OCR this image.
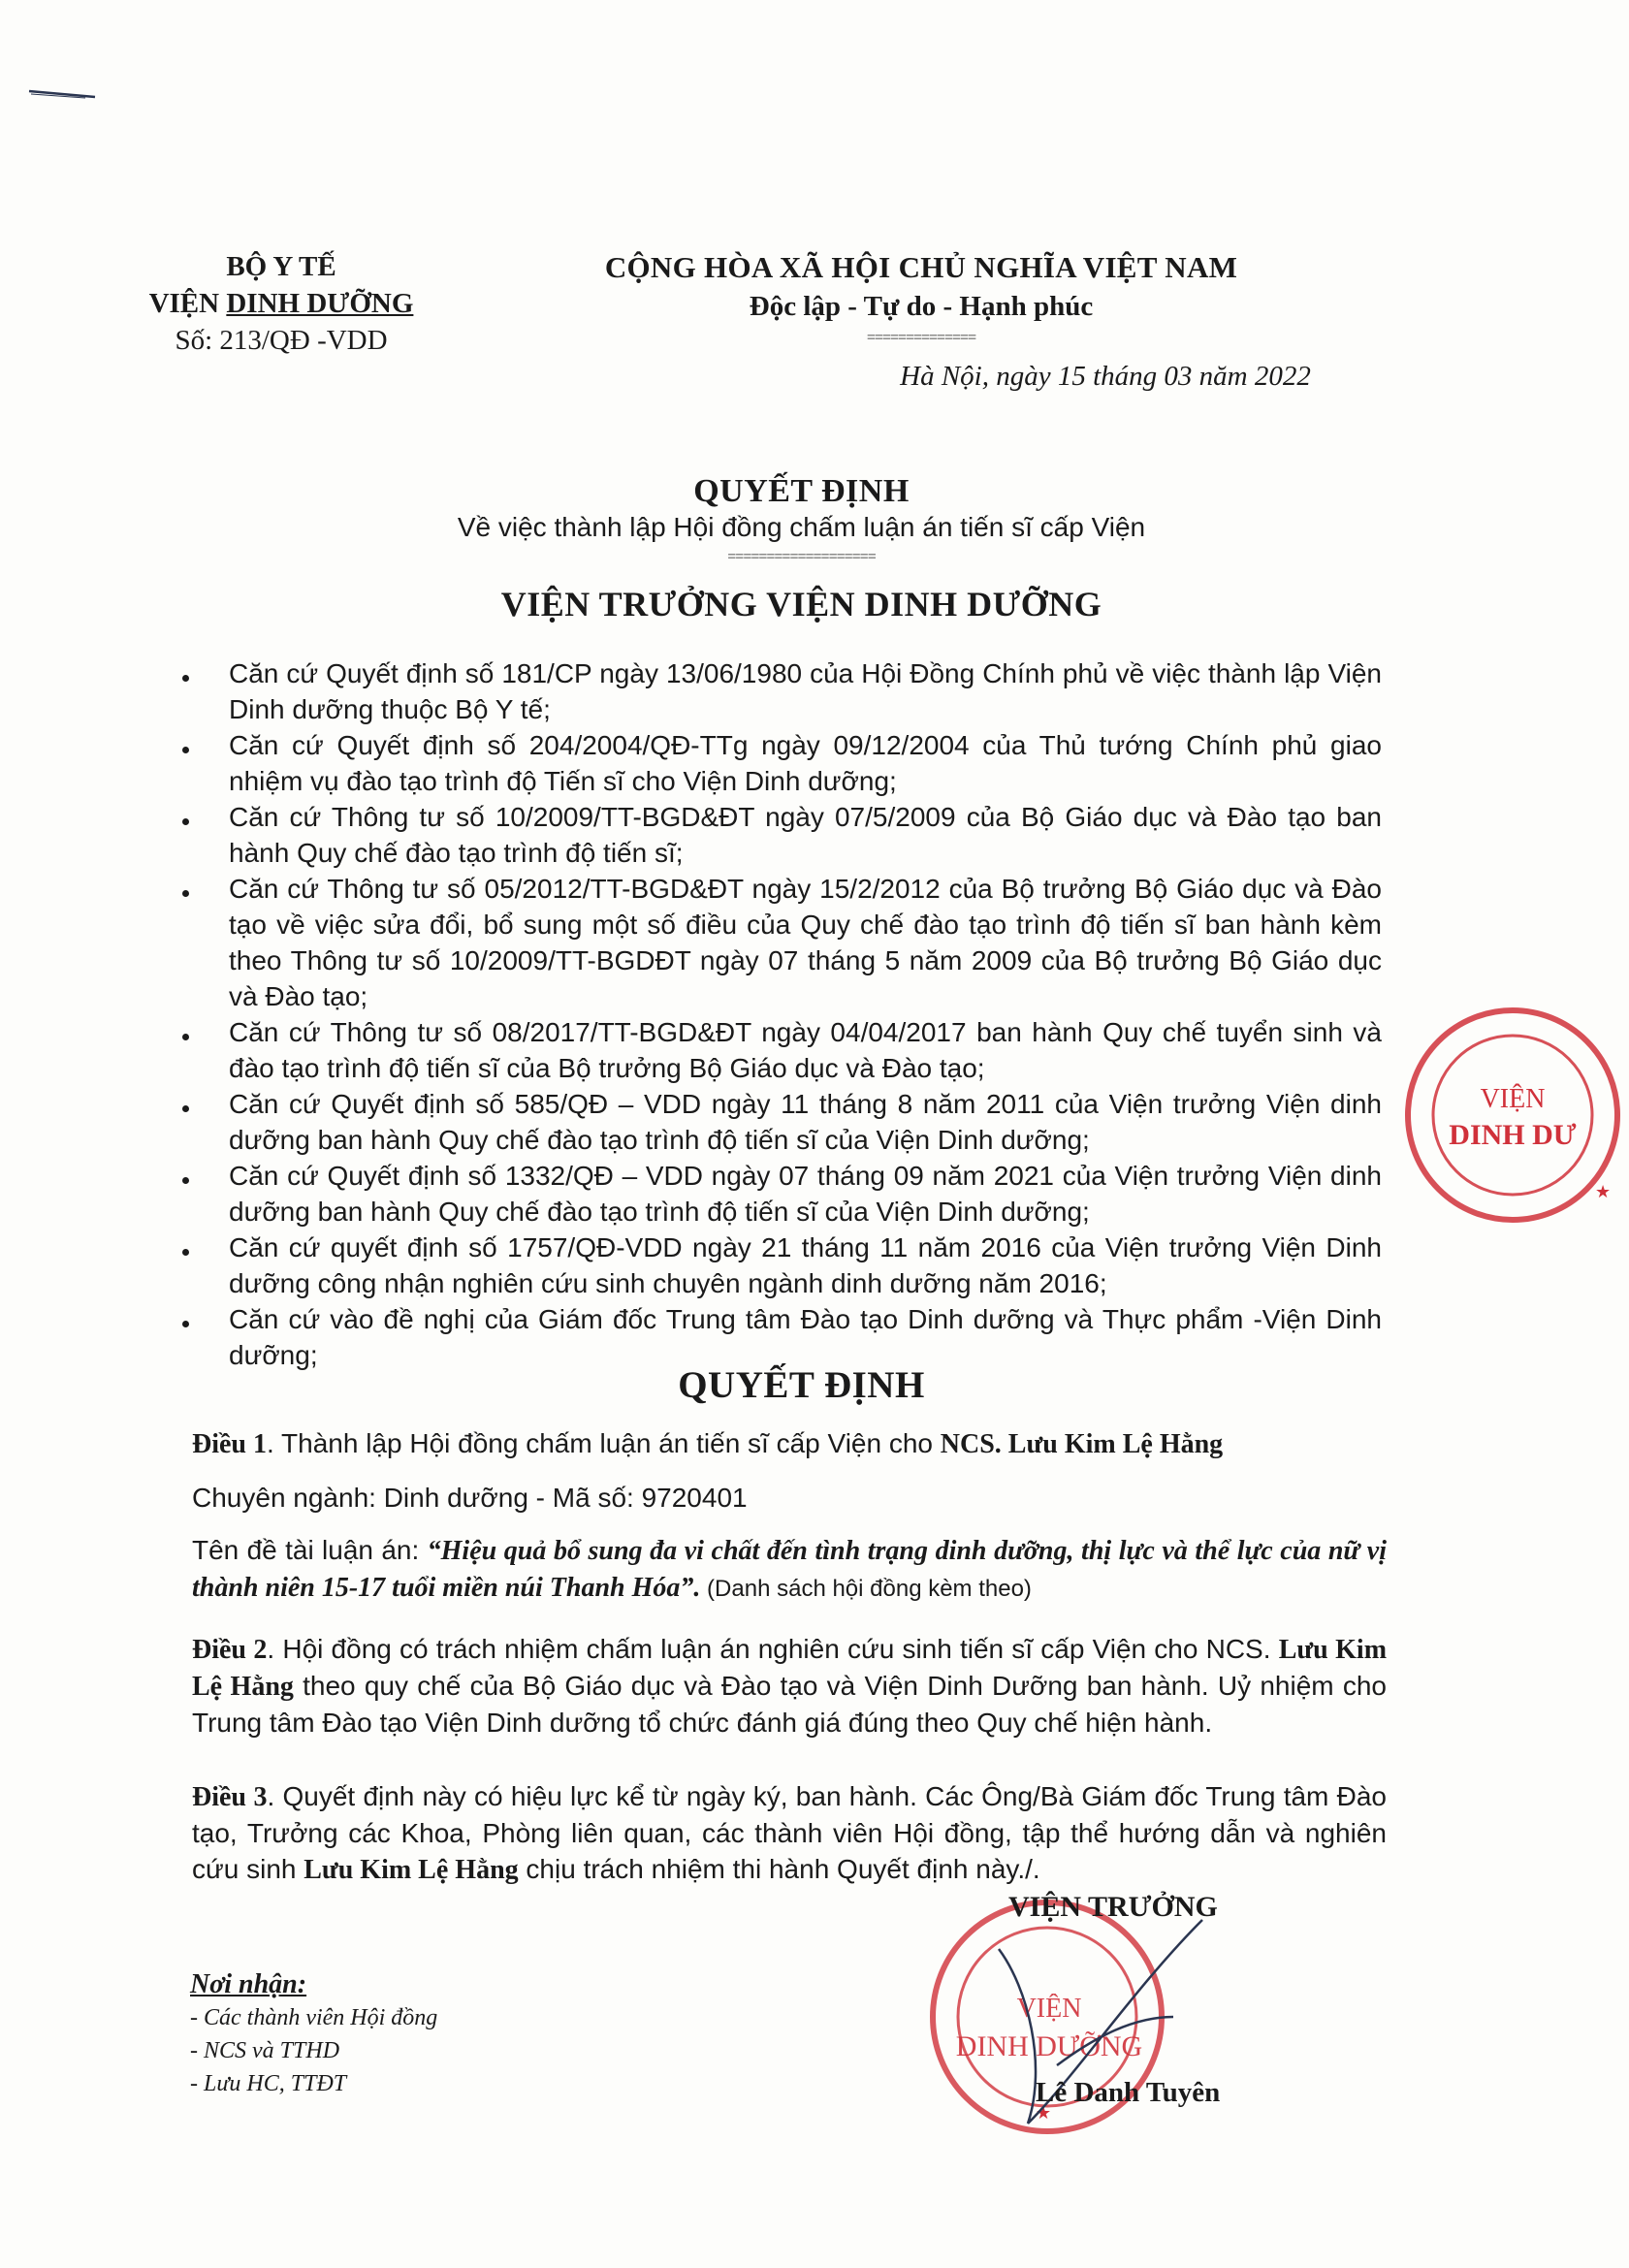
BỘ Y TẾ
VIỆN DINH DƯỠNG
Số: 213/QĐ -VDD
CỘNG HÒA XÃ HỘI CHỦ NGHĨA VIỆT NAM
Độc lập - Tự do - Hạnh phúc
==============
Hà Nội, ngày 15 tháng 03 năm 2022
QUYẾT ĐỊNH
Về việc thành lập Hội đồng chấm luận án tiến sĩ cấp Viện
===================
VIỆN TRƯỞNG VIỆN DINH DƯỠNG
Căn cứ Quyết định số 181/CP ngày 13/06/1980 của Hội Đồng Chính phủ về việc thành lập Viện Dinh dưỡng thuộc Bộ Y tế;
Căn cứ Quyết định số 204/2004/QĐ-TTg ngày 09/12/2004 của Thủ tướng Chính phủ giao nhiệm vụ đào tạo trình độ Tiến sĩ cho Viện Dinh dưỡng;
Căn cứ Thông tư số 10/2009/TT-BGD&ĐT ngày 07/5/2009 của Bộ Giáo dục và Đào tạo ban hành Quy chế đào tạo trình độ tiến sĩ;
Căn cứ Thông tư số 05/2012/TT-BGD&ĐT ngày 15/2/2012 của Bộ trưởng Bộ Giáo dục và Đào tạo về việc sửa đổi, bổ sung một số điều của Quy chế đào tạo trình độ tiến sĩ ban hành kèm theo Thông tư số 10/2009/TT-BGDĐT ngày 07 tháng 5 năm 2009 của Bộ trưởng Bộ Giáo dục và Đào tạo;
Căn cứ Thông tư số 08/2017/TT-BGD&ĐT ngày 04/04/2017 ban hành Quy chế tuyển sinh và đào tạo trình độ tiến sĩ của Bộ trưởng Bộ Giáo dục và Đào tạo;
Căn cứ Quyết định số 585/QĐ – VDD ngày 11 tháng 8 năm 2011 của Viện trưởng Viện dinh dưỡng ban hành Quy chế đào tạo trình độ tiến sĩ của Viện Dinh dưỡng;
Căn cứ Quyết định số 1332/QĐ – VDD ngày 07 tháng 09 năm 2021 của Viện trưởng Viện dinh dưỡng ban hành Quy chế đào tạo trình độ tiến sĩ của Viện Dinh dưỡng;
Căn cứ quyết định số 1757/QĐ-VDD ngày 21 tháng 11 năm 2016 của Viện trưởng Viện Dinh dưỡng công nhận nghiên cứu sinh chuyên ngành dinh dưỡng năm 2016;
Căn cứ vào đề nghị của Giám đốc Trung tâm Đào tạo Dinh dưỡng và Thực phẩm -Viện Dinh dưỡng;
QUYẾT ĐỊNH
Điều 1. Thành lập Hội đồng chấm luận án tiến sĩ cấp Viện cho NCS. Lưu Kim Lệ Hằng
Chuyên ngành: Dinh dưỡng - Mã số: 9720401
Tên đề tài luận án: “Hiệu quả bổ sung đa vi chất đến tình trạng dinh dưỡng, thị lực và thể lực của nữ vị thành niên 15-17 tuổi miền núi Thanh Hóa”. (Danh sách hội đồng kèm theo)
Điều 2. Hội đồng có trách nhiệm chấm luận án nghiên cứu sinh tiến sĩ cấp Viện cho NCS. Lưu Kim Lệ Hằng theo quy chế của Bộ Giáo dục và Đào tạo và Viện Dinh Dưỡng ban hành. Uỷ nhiệm cho Trung tâm Đào tạo Viện Dinh dưỡng tổ chức đánh giá đúng theo Quy chế hiện hành.
Điều 3. Quyết định này có hiệu lực kể từ ngày ký, ban hành. Các Ông/Bà Giám đốc Trung tâm Đào tạo, Trưởng các Khoa, Phòng liên quan, các thành viên Hội đồng, tập thể hướng dẫn và nghiên cứu sinh Lưu Kim Lệ Hằng chịu trách nhiệm thi hành Quyết định này./.
VIỆN
DINH DƯ
★
VIỆN
DINH DƯỠNG
★
VIỆN TRƯỞNG
Lê Danh Tuyên
Nơi nhận:
- Các thành viên Hội đồng
- NCS và TTHD
- Lưu HC, TTĐT
